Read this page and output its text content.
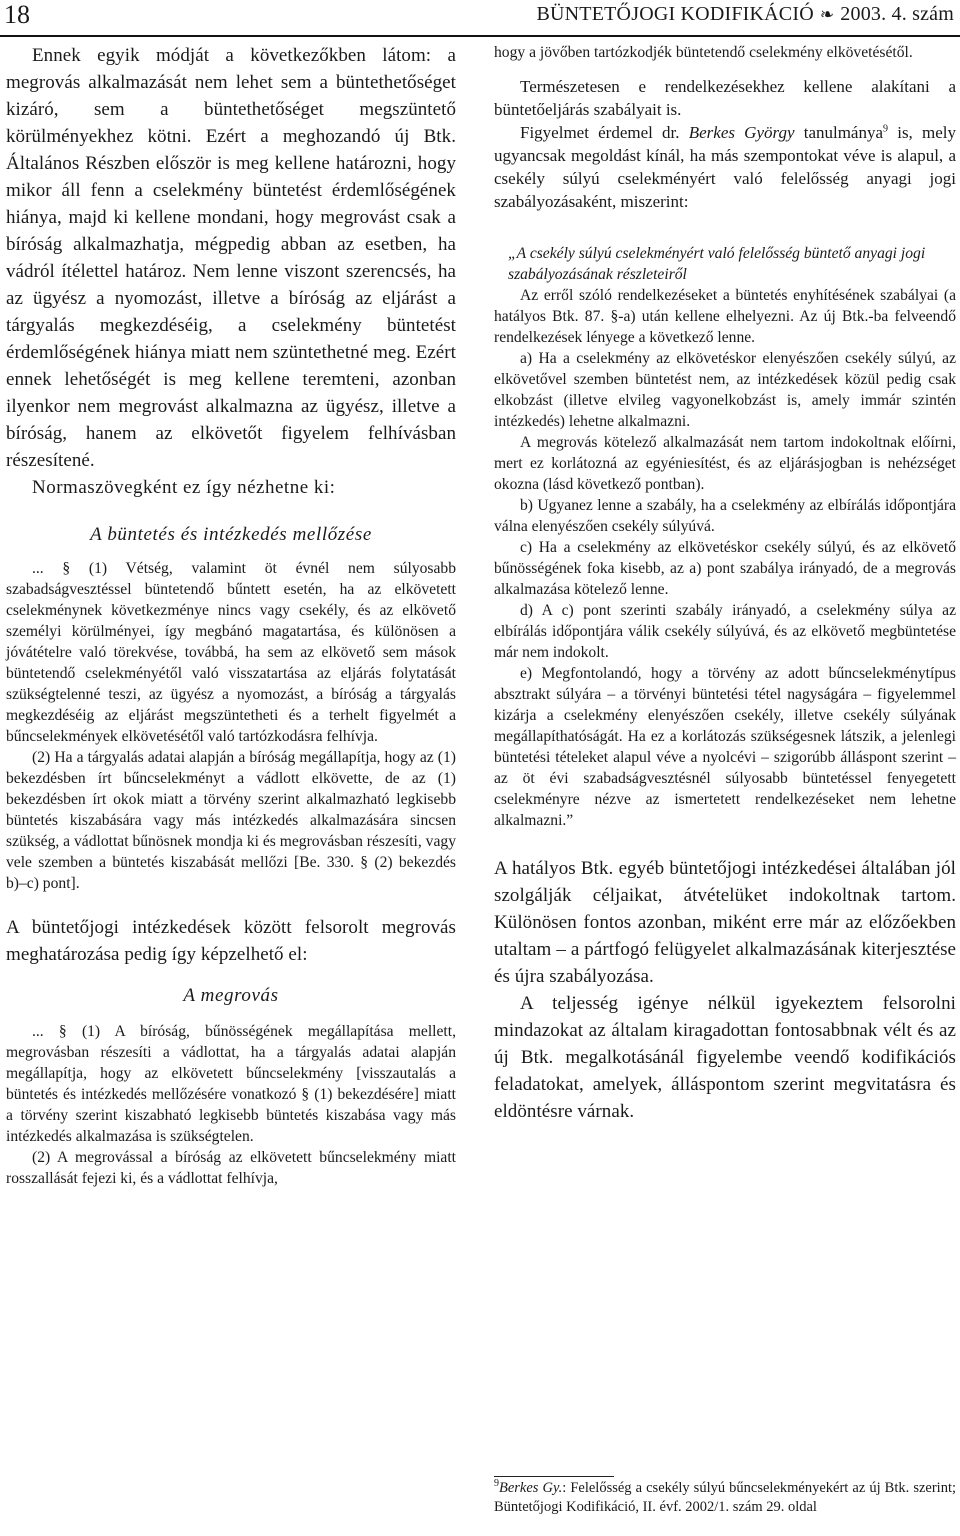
18	BÜNTETŐJOGI KODIFIKÁCIÓ ❧ 2003. 4. szám

Ennek egyik módját a következőkben látom: a megrovás alkalmazását nem lehet sem a büntethetőséget kizáró, sem a büntethetőséget megszüntető körülményekhez kötni. Ezért a meghozandó új Btk. Általános Részben először is meg kellene határozni, hogy mikor áll fenn a cselekmény büntetést érdemlőségének hiánya, majd ki kellene mondani, hogy megrovást csak a bíróság alkalmazhatja, mégpedig abban az esetben, ha vádról ítélettel határoz. Nem lenne viszont szerencsés, ha az ügyész a nyomozást, illetve a bíróság az eljárást a tárgyalás megkezdéséig, a cselekmény büntetést érdemlőségének hiánya miatt nem szüntethetné meg. Ezért ennek lehetőségét is meg kellene teremteni, azonban ilyenkor nem megrovást alkalmazna az ügyész, illetve a bíróság, hanem az elkövetőt figyelem felhívásban részesítené.

Normaszövegként ez így nézhetne ki:

A büntetés és intézkedés mellőzése

... § (1) Vétség, valamint öt évnél nem súlyosabb szabadságvesztéssel büntetendő bűntett esetén, ha az elkövetett cselekménynek következménye nincs vagy csekély, és az elkövető személyi körülményei, így megbánó magatartása, és különösen a jóvátételre való törekvése, továbbá, ha sem az elkövető sem mások büntetendő cselekményétől való visszatartása az eljárás folytatását szükségtelenné teszi, az ügyész a nyomozást, a bíróság a tárgyalás megkezdéséig az eljárást megszüntetheti és a terhelt figyelmét a bűncselekmények elkövetésétől való tartózkodásra felhívja.

(2) Ha a tárgyalás adatai alapján a bíróság megállapítja, hogy az (1) bekezdésben írt bűncselekményt a vádlott elkövette, de az (1) bekezdésben írt okok miatt a törvény szerint alkalmazható legkisebb büntetés kiszabására vagy más intézkedés alkalmazására sincsen szükség, a vádlottat bűnösnek mondja ki és megrovásban részesíti, vagy vele szemben a büntetés kiszabását mellőzi [Be. 330. § (2) bekezdés b)–c) pont].

A büntetőjogi intézkedések között felsorolt megrovás meghatározása pedig így képzelhető el:

A megrovás

... § (1) A bíróság, bűnösségének megállapítása mellett, megrovásban részesíti a vádlottat, ha a tárgyalás adatai alapján megállapítja, hogy az elkövetett bűncselekmény [visszautalás a büntetés és intézkedés mellőzésére vonatkozó § (1) bekezdésére] miatt a törvény szerint kiszabható legkisebb büntetés kiszabása vagy más intézkedés alkalmazása is szükségtelen.

(2) A megrovással a bíróság az elkövetett bűncselekmény miatt rosszallását fejezi ki, és a vádlottat felhívja,

hogy a jövőben tartózkodjék büntetendő cselekmény elkövetésétől.

Természetesen e rendelkezésekhez kellene alakítani a büntetőeljárás szabályait is.

Figyelmet érdemel dr. Berkes György tanulmánya$^9$ is, mely ugyancsak megoldást kínál, ha más szempontokat véve is alapul, a csekély súlyú cselekményért való felelősség anyagi jogi szabályozásaként, miszerint:

„A csekély súlyú cselekményért való felelősség büntető anyagi jogi szabályozásának részleteiről

Az erről szóló rendelkezéseket a büntetés enyhítésének szabályai (a hatályos Btk. 87. §-a) után kellene elhelyezni. Az új Btk.-ba felveendő rendelkezések lényege a következő lenne.

a) Ha a cselekmény az elkövetéskor elenyészően csekély súlyú, az elkövetővel szemben büntetést nem, az intézkedések közül pedig csak elkobzást (illetve elvileg vagyonelkobzást is, amely immár szintén intézkedés) lehetne alkalmazni.

A megrovás kötelező alkalmazását nem tartom indokoltnak előírni, mert ez korlátozná az egyéniesítést, és az eljárásjogban is nehézséget okozna (lásd következő pontban).

b) Ugyanez lenne a szabály, ha a cselekmény az elbírálás időpontjára válna elenyészően csekély súlyúvá.

c) Ha a cselekmény az elkövetéskor csekély súlyú, és az elkövető bűnösségének foka kisebb, az a) pont szabálya irányadó, de a megrovás alkalmazása kötelező lenne.

d) A c) pont szerinti szabály irányadó, a cselekmény súlya az elbírálás időpontjára válik csekély súlyúvá, és az elkövető megbüntetése már nem indokolt.

e) Megfontolandó, hogy a törvény az adott bűncselekménytípus absztrakt súlyára – a törvényi büntetési tétel nagyságára – figyelemmel kizárja a cselekmény elenyészően csekély, illetve csekély súlyának megállapíthatóságát. Ha ez a korlátozás szükségesnek látszik, a jelenlegi büntetési tételeket alapul véve a nyolcévi – szigorúbb álláspont szerint – az öt évi szabadságvesztésnél súlyosabb büntetéssel fenyegetett cselekményre nézve az ismertetett rendelkezéseket nem lehetne alkalmazni.”

A hatályos Btk. egyéb büntetőjogi intézkedései általában jól szolgálják céljaikat, átvételüket indokoltnak tartom. Különösen fontos azonban, miként erre már az előzőekben utaltam – a pártfogó felügyelet alkalmazásának kiterjesztése és újra szabályozása.

A teljesség igénye nélkül igyekeztem felsorolni mindazokat az általam kiragadottan fontosabbnak vélt és az új Btk. megalkotásánál figyelembe veendő kodifikációs feladatokat, amelyek, álláspontom szerint megvitatásra és eldöntésre várnak.

$^9$Berkes Gy.: Felelősség a csekély súlyú bűncselekményekért az új Btk. szerint; Büntetőjogi Kodifikáció, II. évf. 2002/1. szám 29. oldal
